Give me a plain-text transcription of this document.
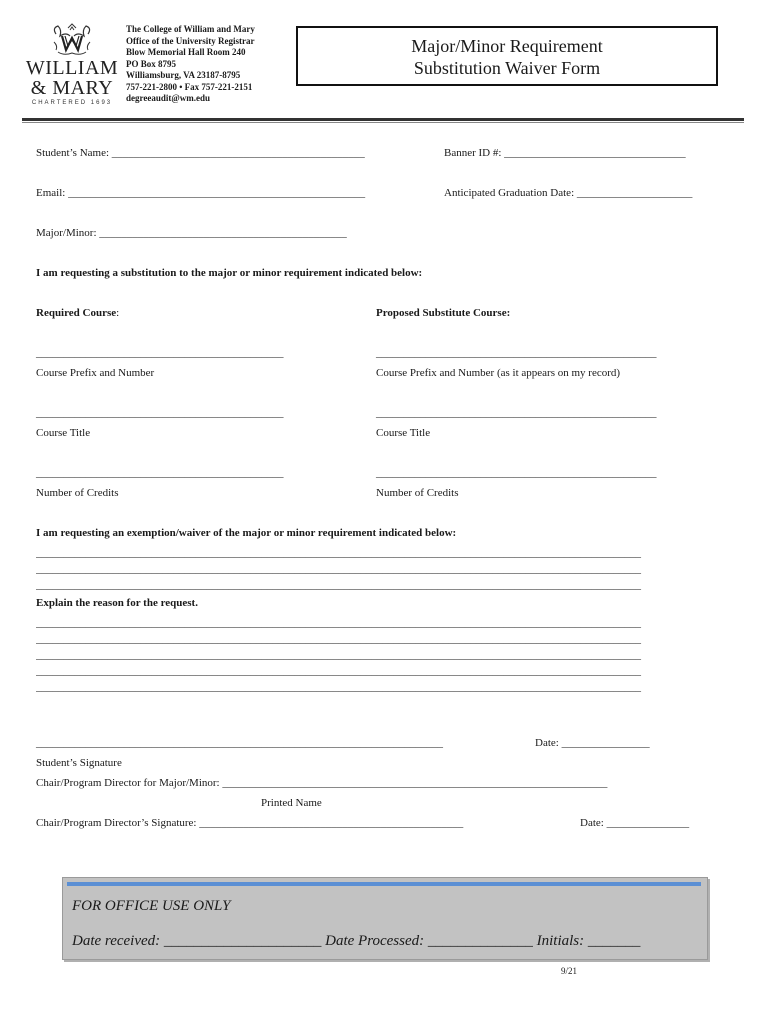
WILLIAM
& MARY
CHARTERED 1693
The College of William and Mary
Office of the University Registrar
Blow Memorial Hall Room 240
PO Box 8795
Williamsburg, VA 23187-8795
757-221-2800 • Fax 757-221-2151
degreeaudit@wm.edu
Major/Minor Requirement
Substitution Waiver Form
Student’s Name: ______________________________________________	Banner ID #: _________________________________
Email: ______________________________________________________	Anticipated Graduation Date: _____________________
Major/Minor: _____________________________________________
I am requesting a substitution to the major or minor requirement indicated below:
Required Course:	Proposed Substitute Course:
_____________________________________________	___________________________________________________
Course Prefix and Number	Course Prefix and Number (as it appears on my record)
_____________________________________________	___________________________________________________
Course Title	Course Title
_____________________________________________	___________________________________________________
Number of Credits	Number of Credits
I am requesting an exemption/waiver of the major or minor requirement indicated below:
______________________________________________________________________________________________________________
______________________________________________________________________________________________________________
______________________________________________________________________________________________________________
Explain the reason for the request.
______________________________________________________________________________________________________________
______________________________________________________________________________________________________________
______________________________________________________________________________________________________________
______________________________________________________________________________________________________________
______________________________________________________________________________________________________________
__________________________________________________________________________	Date: ________________
Student’s Signature
Chair/Program Director for Major/Minor: ______________________________________________________________________
Printed Name
Chair/Program Director’s Signature: ________________________________________________	Date: _______________
FOR OFFICE USE ONLY
Date received: _____________________ Date Processed: ______________ Initials: _______
9/21
